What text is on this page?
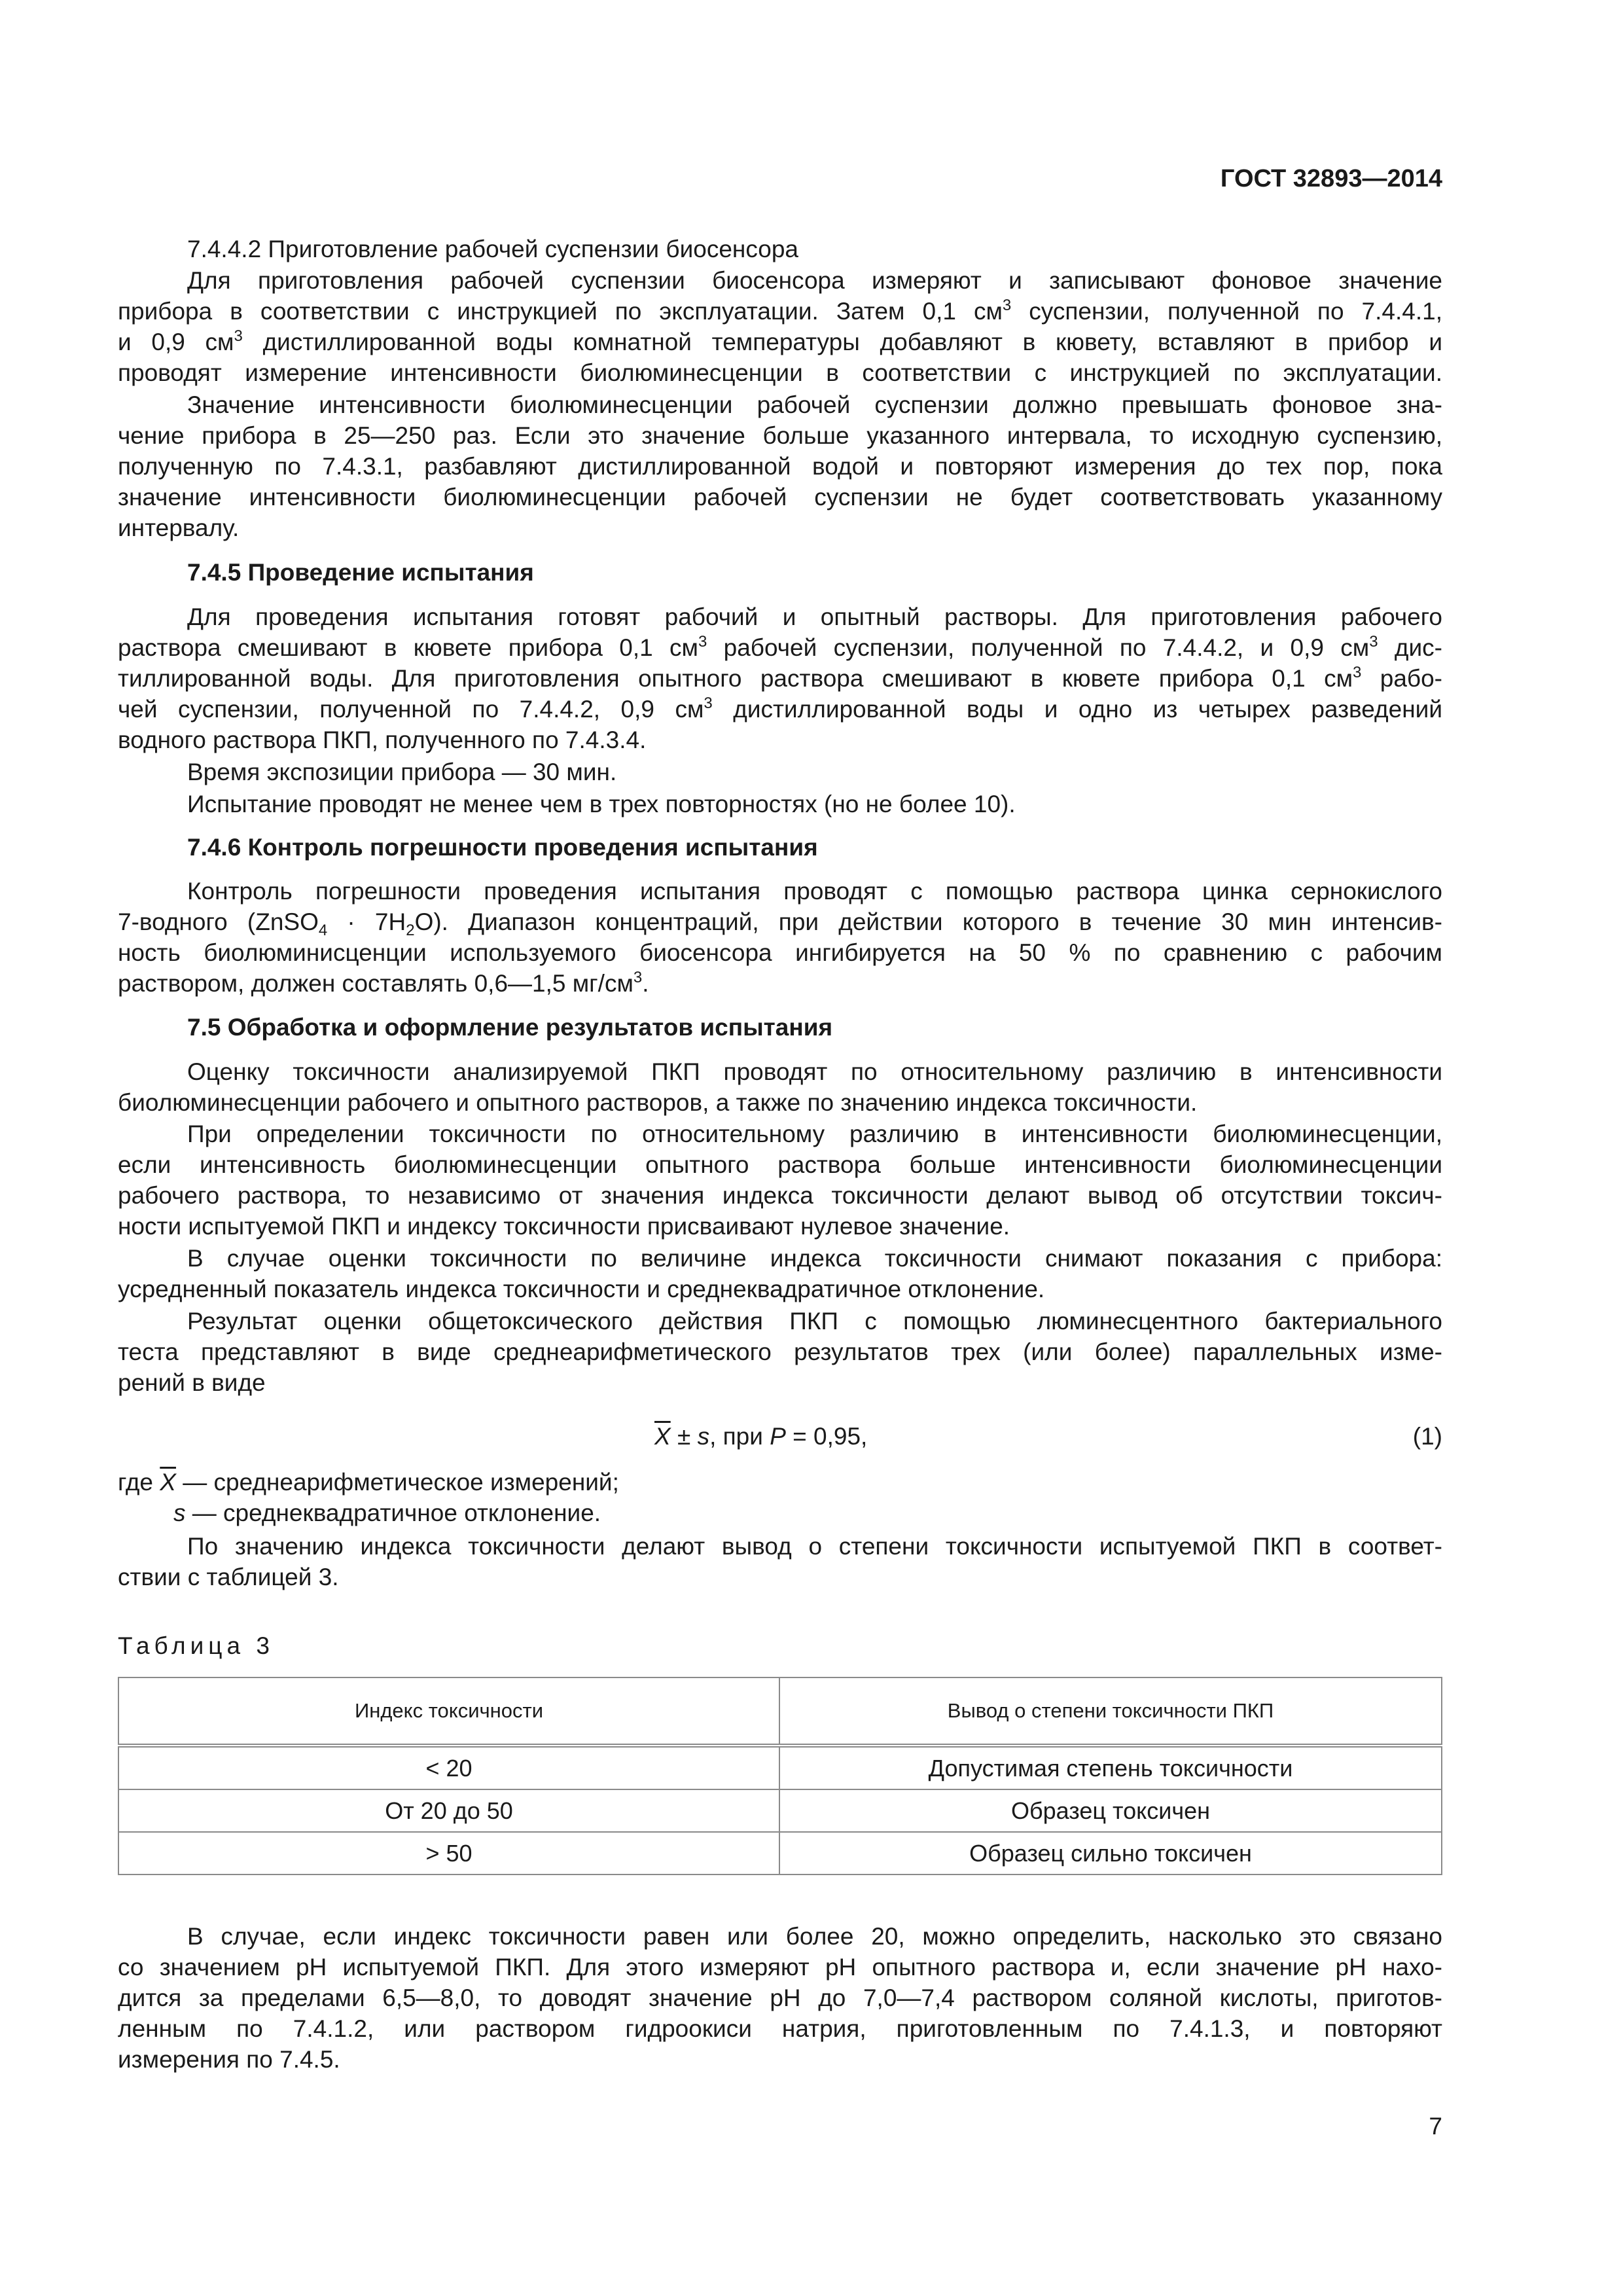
ГОСТ 32893—2014
7.4.4.2 Приготовление рабочей суспензии биосенсора
Для приготовления рабочей суспензии биосенсора измеряют и записывают фоновое значение
прибора в соответствии с инструкцией по эксплуатации. Затем 0,1 $см^3$ суспензии, полученной по 7.4.4.1,
и 0,9 $см^3$ дистиллированной воды комнатной температуры добавляют в кювету, вставляют в прибор и
проводят измерение интенсивности биолюминесценции в соответствии с инструкцией по эксплуатации.
Значение интенсивности биолюминесценции рабочей суспензии должно превышать фоновое зна-
чение прибора в 25—250 раз. Если это значение больше указанного интервала, то исходную суспензию,
полученную по 7.4.3.1, разбавляют дистиллированной водой и повторяют измерения до тех пор, пока
значение интенсивности биолюминесценции рабочей суспензии не будет соответствовать указанному
интервалу.
7.4.5 Проведение испытания
Для проведения испытания готовят рабочий и опытный растворы. Для приготовления рабочего
раствора смешивают в кювете прибора 0,1 $см^3$ рабочей суспензии, полученной по 7.4.4.2, и 0,9 $см^3$ дис-
тиллированной воды. Для приготовления опытного раствора смешивают в кювете прибора 0,1 $см^3$ рабо-
чей суспензии, полученной по 7.4.4.2, 0,9 $см^3$ дистиллированной воды и одно из четырех разведений
водного раствора ПКП, полученного по 7.4.3.4.
Время экспозиции прибора — 30 мин.
Испытание проводят не менее чем в трех повторностях (но не более 10).
7.4.6 Контроль погрешности проведения испытания
Контроль погрешности проведения испытания проводят с помощью раствора цинка сернокислого
7-водного (ZnSO$_4$ · $7H_2O$). Диапазон концентраций, при действии которого в течение 30 мин интенсив-
ность биолюминисценции используемого биосенсора ингибируется на 50 % по сравнению с рабочим
раствором, должен составлять 0,6—1,5 $мг/см^3$.
7.5 Обработка и оформление результатов испытания
Оценку токсичности анализируемой ПКП проводят по относительному различию в интенсивности
биолюминесценции рабочего и опытного растворов, а также по значению индекса токсичности.
При определении токсичности по относительному различию в интенсивности биолюминесценции,
если интенсивность биолюминесценции опытного раствора больше интенсивности биолюминесценции
рабочего раствора, то независимо от значения индекса токсичности делают вывод об отсутствии токсич-
ности испытуемой ПКП и индексу токсичности присваивают нулевое значение.
В случае оценки токсичности по величине индекса токсичности снимают показания с прибора:
усредненный показатель индекса токсичности и среднеквадратичное отклонение.
Результат оценки общетоксического действия ПКП с помощью люминесцентного бактериального
теста представляют в виде среднеарифметического результатов трех (или более) параллельных изме-
рений в виде
$\overline{X} \pm s$, при P = 0,95,	(1)
где $\overline{X}$ — среднеарифметическое измерений;
s — среднеквадратичное отклонение.
По значению индекса токсичности делают вывод о степени токсичности испытуемой ПКП в соответ-
ствии с таблицей 3.
Таблица 3
Индекс токсичности	Вывод о степени токсичности ПКП
< 20	Допустимая степень токсичности
От 20 до 50	Образец токсичен
> 50	Образец сильно токсичен
В случае, если индекс токсичности равен или более 20, можно определить, насколько это связано
со значением рН испытуемой ПКП. Для этого измеряют рН опытного раствора и, если значение рН нахо-
дится за пределами 6,5—8,0, то доводят значение рН до 7,0—7,4 раствором соляной кислоты, приготов-
ленным по 7.4.1.2, или раствором гидроокиси натрия, приготовленным по 7.4.1.3, и повторяют
измерения по 7.4.5.
7
